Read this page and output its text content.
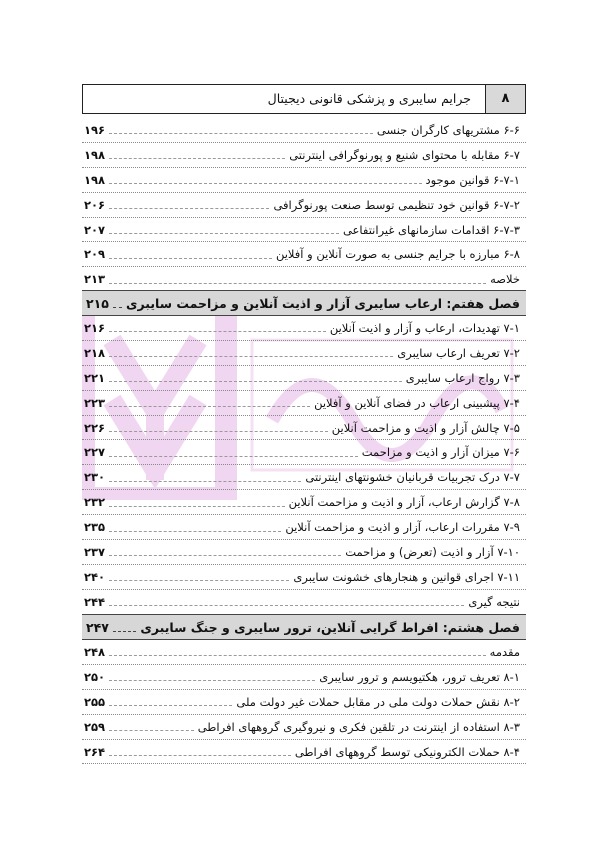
جرایم سایبری و پزشکی قانونی دیجیتال	۸
۶-۶ مشتریهای کارگران جنسی
۱۹۶
۶-۷ مقابله با محتوای شنیع و پورنوگرافی اینترنتی
۱۹۸
۶-۷-۱ قوانین موجود
۱۹۸
۶-۷-۲ قوانین خود تنظیمی توسط صنعت پورنوگرافی
۲۰۶
۶-۷-۳ اقدامات سازمانهای غیرانتفاعی
۲۰۷
۶-۸ مبارزه با جرایم جنسی به صورت آنلاین و آفلاین
۲۰۹
خلاصه
۲۱۳
فصل هفتم: ارعاب سایبری آزار و اذیت آنلاین و مزاحمت سایبری
۲۱۵
۷-۱ تهدیدات، ارعاب و آزار و اذیت آنلاین
۲۱۶
۷-۲ تعریف ارعاب سایبری
۲۱۸
۷-۳ رواج ارعاب سایبری
۲۲۱
۷-۴ پیشبینی ارعاب در فضای آنلاین و آفلاین
۲۲۳
۷-۵ چالش آزار و اذیت و مزاحمت آنلاین
۲۲۶
۷-۶ میزان آزار و اذیت و مزاحمت
۲۲۷
۷-۷ درک تجربیات قربانیان خشونتهای اینترنتی
۲۳۰
۷-۸ گزارش ارعاب، آزار و اذیت و مزاحمت آنلاین
۲۳۲
۷-۹ مقررات ارعاب، آزار و اذیت و مزاحمت آنلاین
۲۳۵
۷-۱۰ آزار و اذیت (تعرض) و مزاحمت
۲۳۷
۷-۱۱ اجرای قوانین و هنجارهای خشونت سایبری
۲۴۰
نتیجه گیری
۲۴۴
فصل هشتم: افراط گرایی آنلاین، ترور سایبری و جنگ سایبری
۲۴۷
مقدمه
۲۴۸
۸-۱ تعریف ترور، هکتیویسم و ترور سایبری
۲۵۰
۸-۲ نقش حملات دولت ملی در مقابل حملات غیر دولت ملی
۲۵۵
۸-۳ استفاده از اینترنت در تلقین فکری و نیروگیری گروههای افراطی
۲۵۹
۸-۴ حملات الکترونیکی توسط گروههای افراطی
۲۶۴
